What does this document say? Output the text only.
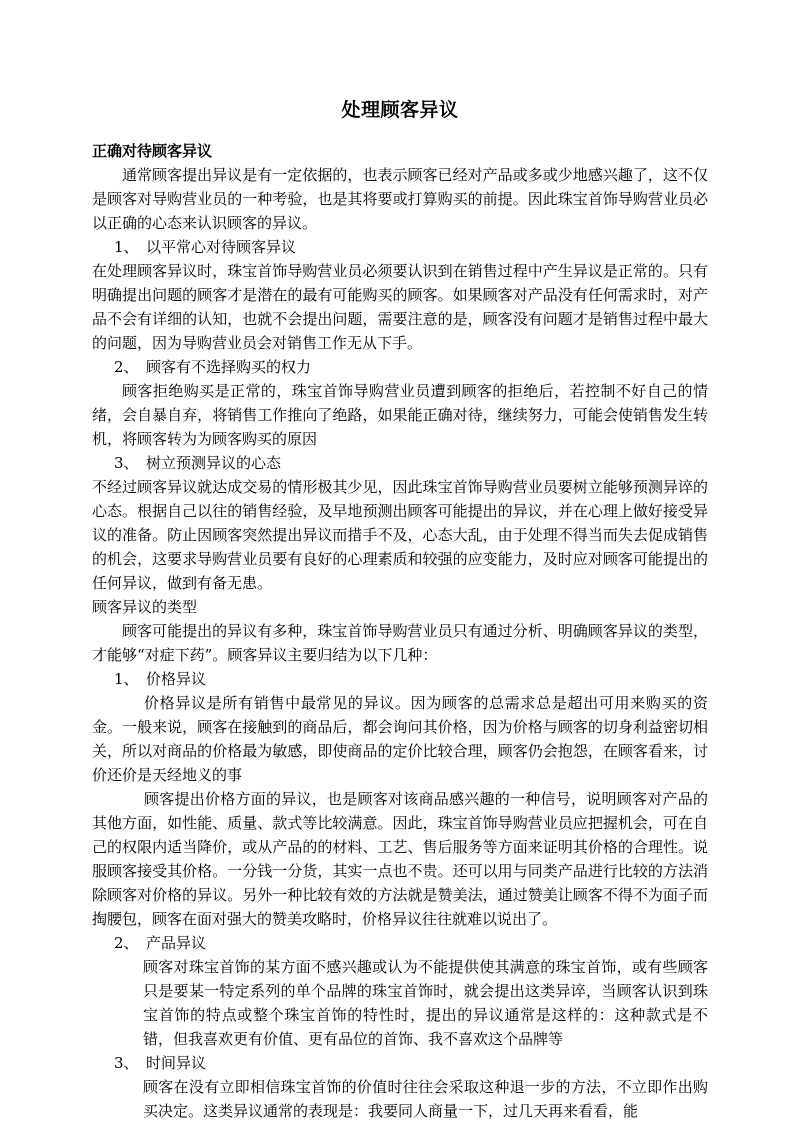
处理顾客异议
正确对待顾客异议

通常顾客提出异议是有一定依据的，也表示顾客已经对产品或多或少地感兴趣了，这不仅是顾客对导购营业员的一种考验，也是其将要或打算购买的前提。因此珠宝首饰导购营业员必以正确的心态来认识顾客的异议。

1、　以平常心对待顾客异议

在处理顾客异议时，珠宝首饰导购营业员必须要认识到在销售过程中产生异议是正常的。只有明确提出问题的顾客才是潜在的最有可能购买的顾客。如果顾客对产品没有任何需求时，对产品不会有详细的认知，也就不会提出问题，需要注意的是，顾客没有问题才是销售过程中最大的问题，因为导购营业员会对销售工作无从下手。

2、　顾客有不选择购买的权力

顾客拒绝购买是正常的，珠宝首饰导购营业员遭到顾客的拒绝后，若控制不好自己的情绪，会自暴自弃，将销售工作推向了绝路，如果能正确对待，继续努力，可能会使销售发生转机，将顾客转为为顾客购买的原因

3、　树立预测异议的心态

不经过顾客异议就达成交易的情形极其少见，因此珠宝首饰导购营业员要树立能够预测异谇的心态。根据自己以往的销售经验，及早地预测出顾客可能提出的异议，并在心理上做好接受异议的准备。防止因顾客突然提出异议而措手不及，心态大乱，由于处理不得当而失去促成销售的机会，这要求导购营业员要有良好的心理素质和较强的应变能力，及时应对顾客可能提出的任何异议，做到有备无患。

顾客异议的类型

顾客可能提出的异议有多种，珠宝首饰导购营业员只有通过分析、明确顾客异议的类型，才能够“对症下药”。顾客异议主要归结为以下几种：

1、　价格异议

价格异议是所有销售中最常见的异议。因为顾客的总需求总是超出可用来购买的资金。一般来说，顾客在接触到的商品后，都会询问其价格，因为价格与顾客的切身利益密切相关，所以对商品的价格最为敏感，即使商品的定价比较合理，顾客仍会抱怨，在顾客看来，讨价还价是天经地义的事

顾客提出价格方面的异议，也是顾客对该商品感兴趣的一种信号，说明顾客对产品的其他方面，如性能、质量、款式等比较满意。因此，珠宝首饰导购营业员应把握机会，可在自己的权限内适当降价，或从产品的的材料、工艺、售后服务等方面来证明其价格的合理性。说服顾客接受其价格。一分钱一分货，其实一点也不贵。还可以用与同类产品进行比较的方法消除顾客对价格的异议。另外一种比较有效的方法就是赞美法，通过赞美让顾客不得不为面子而掏腰包，顾客在面对强大的赞美攻略时，价格异议往往就难以说出了。

2、　产品异议

顾客对珠宝首饰的某方面不感兴趣或认为不能提供使其满意的珠宝首饰，或有些顾客只是要某一特定系列的单个品牌的珠宝首饰时，就会提出这类异谇，当顾客认识到珠宝首饰的特点或整个珠宝首饰的特性时，提出的异议通常是这样的：这种款式是不错，但我喜欢更有价值、更有品位的首饰、我不喜欢这个品牌等

3、　时间异议

顾客在没有立即相信珠宝首饰的价值时往往会采取这种退一步的方法，不立即作出购买决定。这类异议通常的表现是：我要同人商量一下，过几天再来看看，能
